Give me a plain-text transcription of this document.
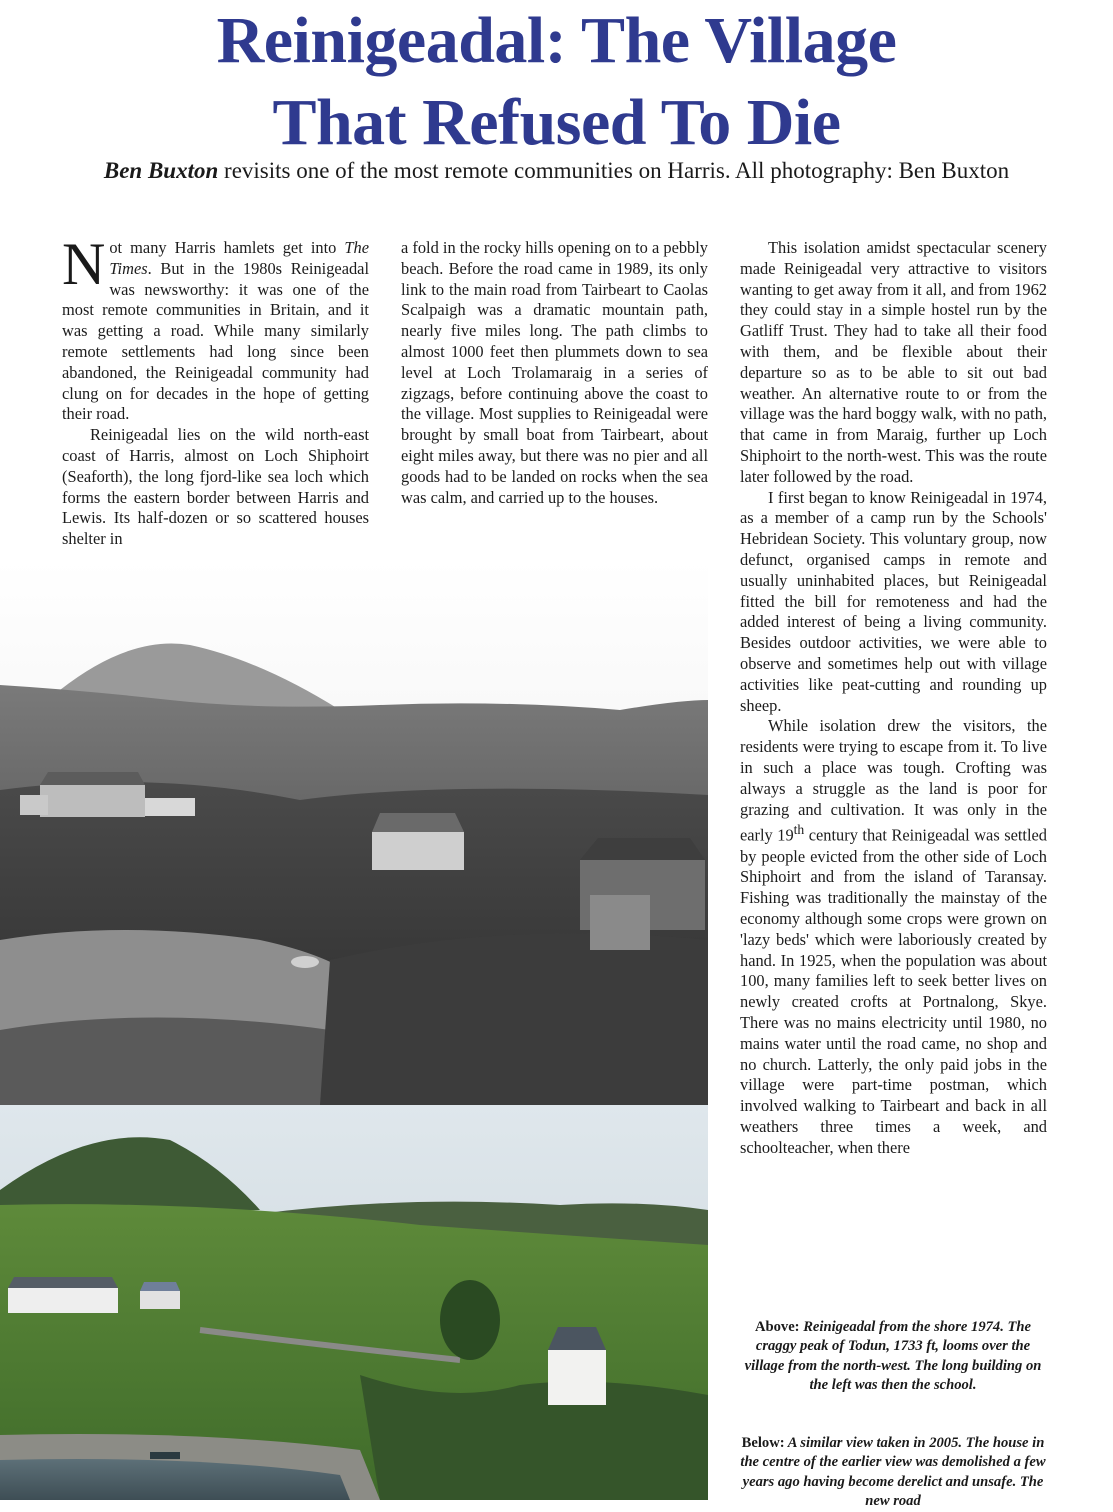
Reinigeadal: The Village
That Refused To Die
Ben Buxton revisits one of the most remote communities on Harris. All photography: Ben Buxton

Not many Harris hamlets get into The Times. But in the 1980s Reinigeadal was newsworthy: it was one of the most remote communities in Britain, and it was getting a road. While many similarly remote settlements had long since been abandoned, the Reinigeadal community had clung on for decades in the hope of getting their road.

Reinigeadal lies on the wild north-east coast of Harris, almost on Loch Shiphoirt (Seaforth), the long fjord-like sea loch which forms the eastern border between Harris and Lewis. Its half-dozen or so scattered houses shelter in

a fold in the rocky hills opening on to a pebbly beach. Before the road came in 1989, its only link to the main road from Tairbeart to Caolas Scalpaigh was a dramatic mountain path, nearly five miles long. The path climbs to almost 1000 feet then plummets down to sea level at Loch Trolamaraig in a series of zigzags, before continuing above the coast to the village. Most supplies to Reinigeadal were brought by small boat from Tairbeart, about eight miles away, but there was no pier and all goods had to be landed on rocks when the sea was calm, and carried up to the houses.

This isolation amidst spectacular scenery made Reinigeadal very attractive to visitors wanting to get away from it all, and from 1962 they could stay in a simple hostel run by the Gatliff Trust. They had to take all their food with them, and be flexible about their departure so as to be able to sit out bad weather. An alternative route to or from the village was the hard boggy walk, with no path, that came in from Maraig, further up Loch Shiphoirt to the north-west. This was the route later followed by the road.

I first began to know Reinigeadal in 1974, as a member of a camp run by the Schools' Hebridean Society. This voluntary group, now defunct, organised camps in remote and usually uninhabited places, but Reinigeadal fitted the bill for remoteness and had the added interest of being a living community. Besides outdoor activities, we were able to observe and sometimes help out with village activities like peat-cutting and rounding up sheep.

While isolation drew the visitors, the residents were trying to escape from it. To live in such a place was tough. Crofting was always a struggle as the land is poor for grazing and cultivation. It was only in the early 19th century that Reinigeadal was settled by people evicted from the other side of Loch Shiphoirt and from the island of Taransay. Fishing was traditionally the mainstay of the economy although some crops were grown on 'lazy beds' which were laboriously created by hand. In 1925, when the population was about 100, many families left to seek better lives on newly created crofts at Portnalong, Skye. There was no mains electricity until 1980, no mains water until the road came, no shop and no church. Latterly, the only paid jobs in the village were part-time postman, which involved walking to Tairbeart and back in all weathers three times a week, and schoolteacher, when there

Above: Reinigeadal from the shore 1974. The craggy peak of Todun, 1733 ft, looms over the village from the north-west. The long building on the left was then the school.
Below: A similar view taken in 2005. The house in the centre of the earlier view was demolished a few years ago having become derelict and unsafe. The new road
